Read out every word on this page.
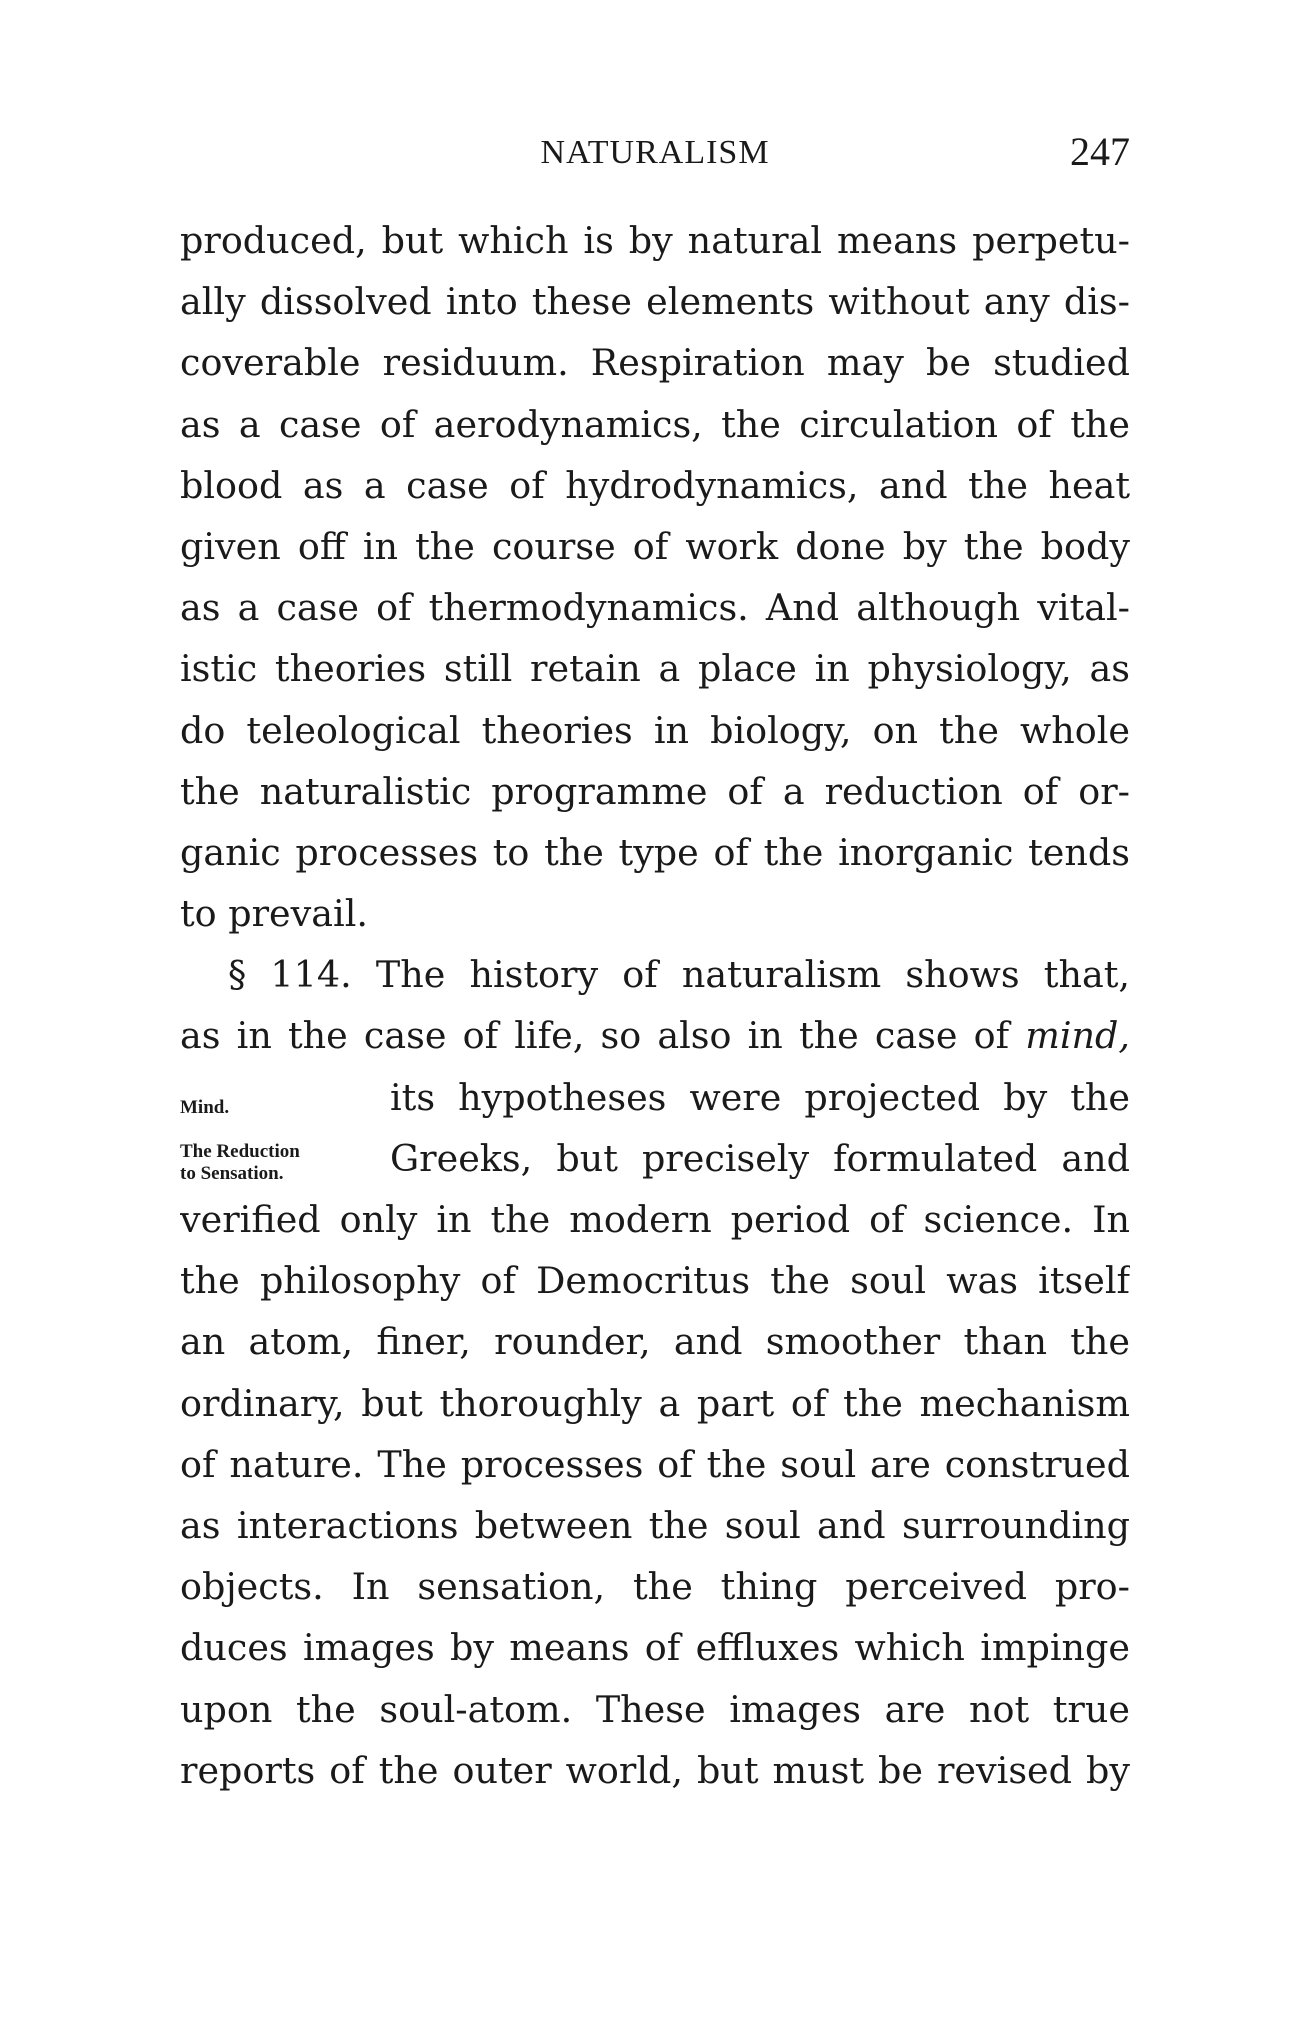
NATURALISM	247
Mind.
The Reduction
to Sensation.
produced, but which is by natural means perpetu-
ally dissolved into these elements without any dis-
coverable residuum. Respiration may be studied
as a case of aerodynamics, the circulation of the
blood as a case of hydrodynamics, and the heat
given off in the course of work done by the body
as a case of thermodynamics. And although vital-
istic theories still retain a place in physiology, as
do teleological theories in biology, on the whole
the naturalistic programme of a reduction of or-
ganic processes to the type of the inorganic tends
to prevail.
§ 114. The history of naturalism shows that,
as in the case of life, so also in the case of mind,
its hypotheses were projected by the
Greeks, but precisely formulated and
verified only in the modern period of science. In
the philosophy of Democritus the soul was itself
an atom, finer, rounder, and smoother than the
ordinary, but thoroughly a part of the mechanism
of nature. The processes of the soul are construed
as interactions between the soul and surrounding
objects. In sensation, the thing perceived pro-
duces images by means of effluxes which impinge
upon the soul-atom. These images are not true
reports of the outer world, but must be revised by
